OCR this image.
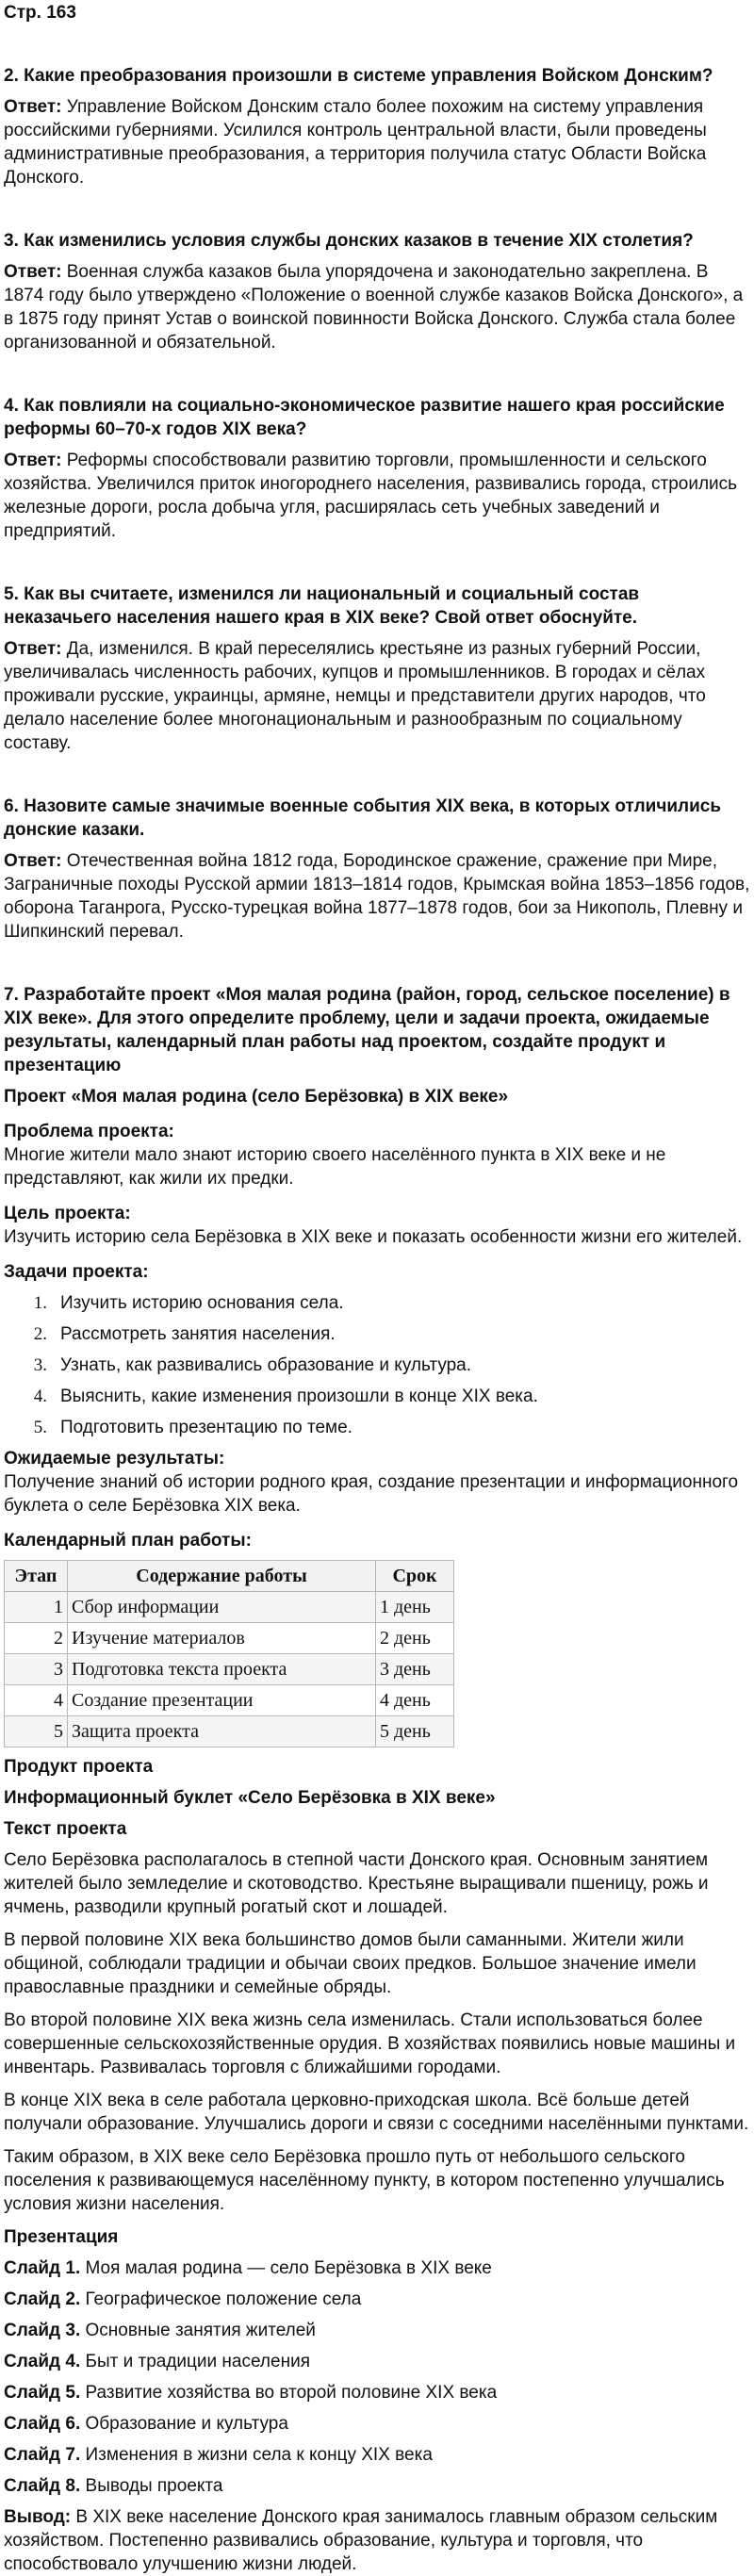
Стр. 163

2. Какие преобразования произошли в системе управления Войском Донским?

Ответ: Управление Войском Донским стало более похожим на систему управления российскими губерниями. Усилился контроль центральной власти, были проведены административные преобразования, а территория получила статус Области Войска Донского.

3. Как изменились условия службы донских казаков в течение XIX столетия?

Ответ: Военная служба казаков была упорядочена и законодательно закреплена. В 1874 году было утверждено «Положение о военной службе казаков Войска Донского», а в 1875 году принят Устав о воинской повинности Войска Донского. Служба стала более организованной и обязательной.

4. Как повлияли на социально-экономическое развитие нашего края российские реформы 60–70-х годов XIX века?

Ответ: Реформы способствовали развитию торговли, промышленности и сельского хозяйства. Увеличился приток иногороднего населения, развивались города, строились железные дороги, росла добыча угля, расширялась сеть учебных заведений и предприятий.

5. Как вы считаете, изменился ли национальный и социальный состав неказачьего населения нашего края в XIX веке? Свой ответ обоснуйте.

Ответ: Да, изменился. В край переселялись крестьяне из разных губерний России, увеличивалась численность рабочих, купцов и промышленников. В городах и сёлах проживали русские, украинцы, армяне, немцы и представители других народов, что делало население более многонациональным и разнообразным по социальному составу.

6. Назовите самые значимые военные события XIX века, в которых отличились донские казаки.

Ответ: Отечественная война 1812 года, Бородинское сражение, сражение при Мире, Заграничные походы Русской армии 1813–1814 годов, Крымская война 1853–1856 годов, оборона Таганрога, Русско-турецкая война 1877–1878 годов, бои за Никополь, Плевну и Шипкинский перевал.

7. Разработайте проект «Моя малая родина (район, город, сельское поселение) в XIX веке». Для этого определите проблему, цели и задачи проекта, ожидаемые результаты, календарный план работы над проектом, создайте продукт и презентацию

Проект «Моя малая родина (село Берёзовка) в XIX веке»
Проблема проекта:

Многие жители мало знают историю своего населённого пункта в XIX веке и не представляют, как жили их предки.

Цель проекта:

Изучить историю села Берёзовка в XIX веке и показать особенности жизни его жителей.

Задачи проекта:
1. Изучить историю основания села.
2. Рассмотреть занятия населения.
3. Узнать, как развивались образование и культура.
4. Выяснить, какие изменения произошли в конце XIX века.
5. Подготовить презентацию по теме.
Ожидаемые результаты:

Получение знаний об истории родного края, создание презентации и информационного буклета о селе Берёзовка XIX века.

Календарный план работы:
Этап	Содержание работы	Срок
1	Сбор информации	1 день
2	Изучение материалов	2 день
3	Подготовка текста проекта	3 день
4	Создание презентации	4 день
5	Защита проекта	5 день
Продукт проекта
Информационный буклет «Село Берёзовка в XIX веке»
Текст проекта

Село Берёзовка располагалось в степной части Донского края. Основным занятием жителей было земледелие и скотоводство. Крестьяне выращивали пшеницу, рожь и ячмень, разводили крупный рогатый скот и лошадей.

В первой половине XIX века большинство домов были саманными. Жители жили общиной, соблюдали традиции и обычаи своих предков. Большое значение имели православные праздники и семейные обряды.

Во второй половине XIX века жизнь села изменилась. Стали использоваться более совершенные сельскохозяйственные орудия. В хозяйствах появились новые машины и инвентарь. Развивалась торговля с ближайшими городами.

В конце XIX века в селе работала церковно-приходская школа. Всё больше детей получали образование. Улучшались дороги и связи с соседними населёнными пунктами.

Таким образом, в XIX веке село Берёзовка прошло путь от небольшого сельского поселения к развивающемуся населённому пункту, в котором постепенно улучшались условия жизни населения.

Презентация

Слайд 1. Моя малая родина — село Берёзовка в XIX веке

Слайд 2. Географическое положение села

Слайд 3. Основные занятия жителей

Слайд 4. Быт и традиции населения

Слайд 5. Развитие хозяйства во второй половине XIX века

Слайд 6. Образование и культура

Слайд 7. Изменения в жизни села к концу XIX века

Слайд 8. Выводы проекта

Вывод: В XIX веке население Донского края занималось главным образом сельским хозяйством. Постепенно развивались образование, культура и торговля, что способствовало улучшению жизни людей.
